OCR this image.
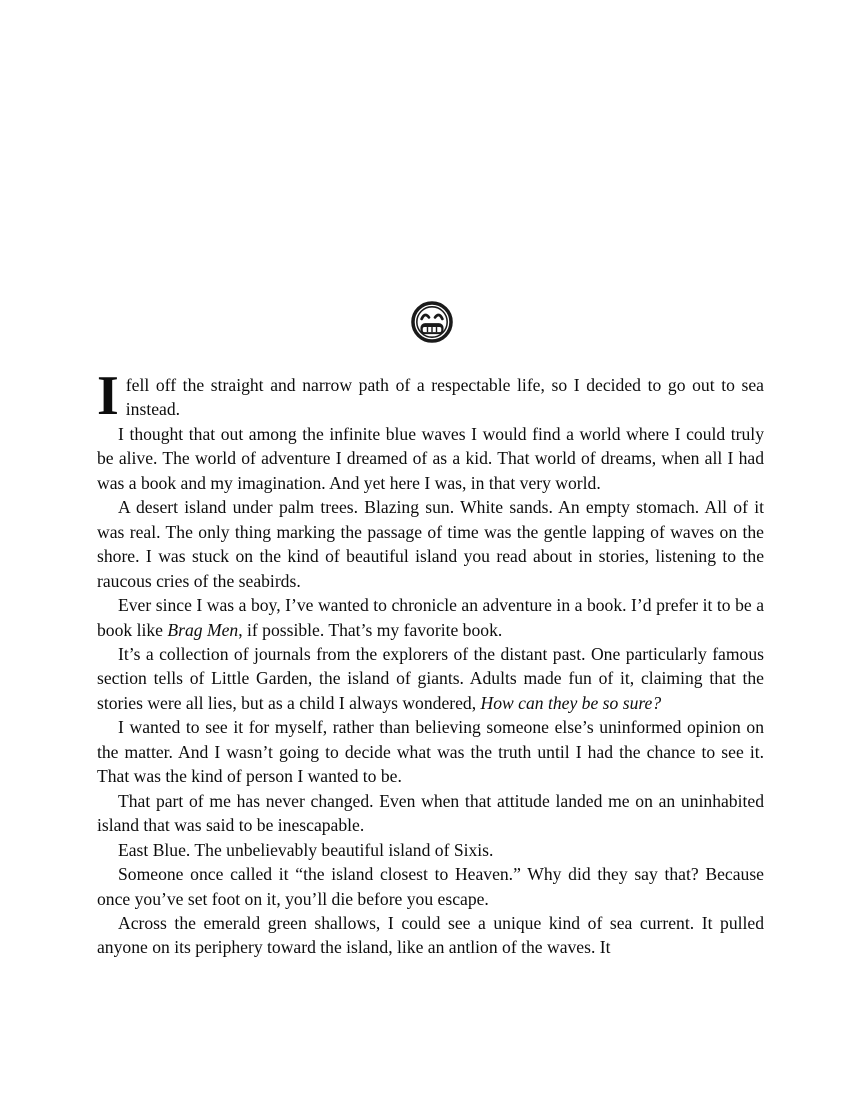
Ifell off the straight and narrow path of a respectable life, so I decided to go out to sea instead.

I thought that out among the infinite blue waves I would find a world where I could truly be alive. The world of adventure I dreamed of as a kid. That world of dreams, when all I had was a book and my imagination. And yet here I was, in that very world.

A desert island under palm trees. Blazing sun. White sands. An empty stomach. All of it was real. The only thing marking the passage of time was the gentle lapping of waves on the shore. I was stuck on the kind of beautiful island you read about in stories, listening to the raucous cries of the seabirds.

Ever since I was a boy, I’ve wanted to chronicle an adventure in a book. I’d prefer it to be a book like Brag Men, if possible. That’s my favorite book.

It’s a collection of journals from the explorers of the distant past. One particularly famous section tells of Little Garden, the island of giants. Adults made fun of it, claiming that the stories were all lies, but as a child I always wondered, How can they be so sure?

I wanted to see it for myself, rather than believing someone else’s uninformed opinion on the matter. And I wasn’t going to decide what was the truth until I had the chance to see it. That was the kind of person I wanted to be.

That part of me has never changed. Even when that attitude landed me on an uninhabited island that was said to be inescapable.

East Blue. The unbelievably beautiful island of Sixis.

Someone once called it “the island closest to Heaven.” Why did they say that? Because once you’ve set foot on it, you’ll die before you escape.

Across the emerald green shallows, I could see a unique kind of sea current. It pulled anyone on its periphery toward the island, like an antlion of the waves. It
